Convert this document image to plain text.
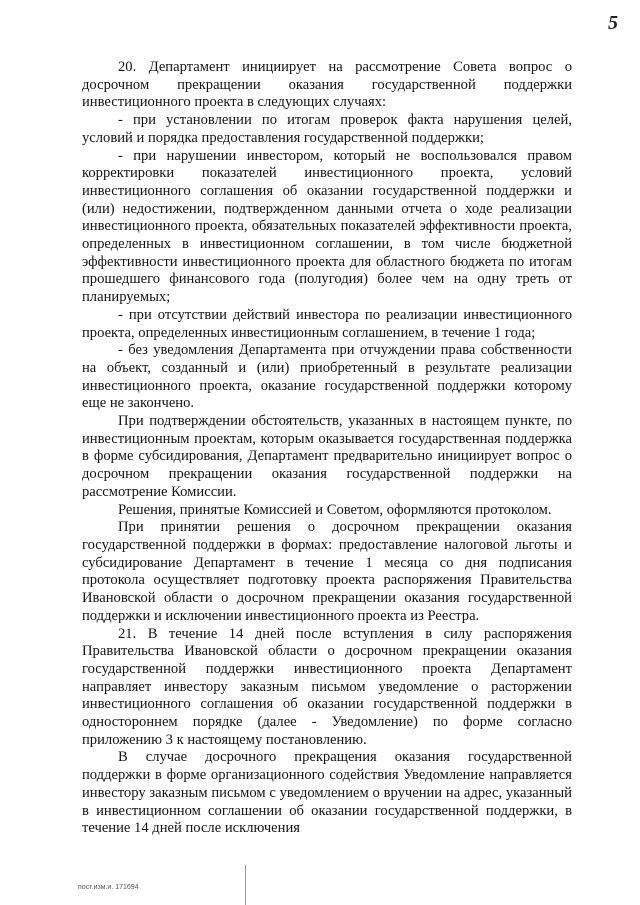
5

20. Департамент инициирует на рассмотрение Совета вопрос о досрочном прекращении оказания государственной поддержки инвестиционного проекта в следующих случаях:

- при установлении по итогам проверок факта нарушения целей, условий и порядка предоставления государственной поддержки;

- при нарушении инвестором, который не воспользовался правом корректировки показателей инвестиционного проекта, условий инвестиционного соглашения об оказании государственной поддержки и (или) недостижении, подтвержденном данными отчета о ходе реализации инвестиционного проекта, обязательных показателей эффективности проекта, определенных в инвестиционном соглашении, в том числе бюджетной эффективности инвестиционного проекта для областного бюджета по итогам прошедшего финансового года (полугодия) более чем на одну треть от планируемых;

- при отсутствии действий инвестора по реализации инвестиционного проекта, определенных инвестиционным соглашением, в течение 1 года;

- без уведомления Департамента при отчуждении права собственности на объект, созданный и (или) приобретенный в результате реализации инвестиционного проекта, оказание государственной поддержки которому еще не закончено.

При подтверждении обстоятельств, указанных в настоящем пункте, по инвестиционным проектам, которым оказывается государственная поддержка в форме субсидирования, Департамент предварительно инициирует вопрос о досрочном прекращении оказания государственной поддержки на рассмотрение Комиссии.

Решения, принятые Комиссией и Советом, оформляются протоколом.

При принятии решения о досрочном прекращении оказания государственной поддержки в формах: предоставление налоговой льготы и субсидирование Департамент в течение 1 месяца со дня подписания протокола осуществляет подготовку проекта распоряжения Правительства Ивановской области о досрочном прекращении оказания государственной поддержки и исключении инвестиционного проекта из Реестра.

21. В течение 14 дней после вступления в силу распоряжения Правительства Ивановской области о досрочном прекращении оказания государственной поддержки инвестиционного проекта Департамент направляет инвестору заказным письмом уведомление о расторжении инвестиционного соглашения об оказании государственной поддержки в одностороннем порядке (далее - Уведомление) по форме согласно приложению 3 к настоящему постановлению.

В случае досрочного прекращения оказания государственной поддержки в форме организационного содействия Уведомление направляется инвестору заказным письмом с уведомлением о вручении на адрес, указанный в инвестиционном соглашении об оказании государственной поддержки, в течение 14 дней после исключения

пост.изм.и. 171694
